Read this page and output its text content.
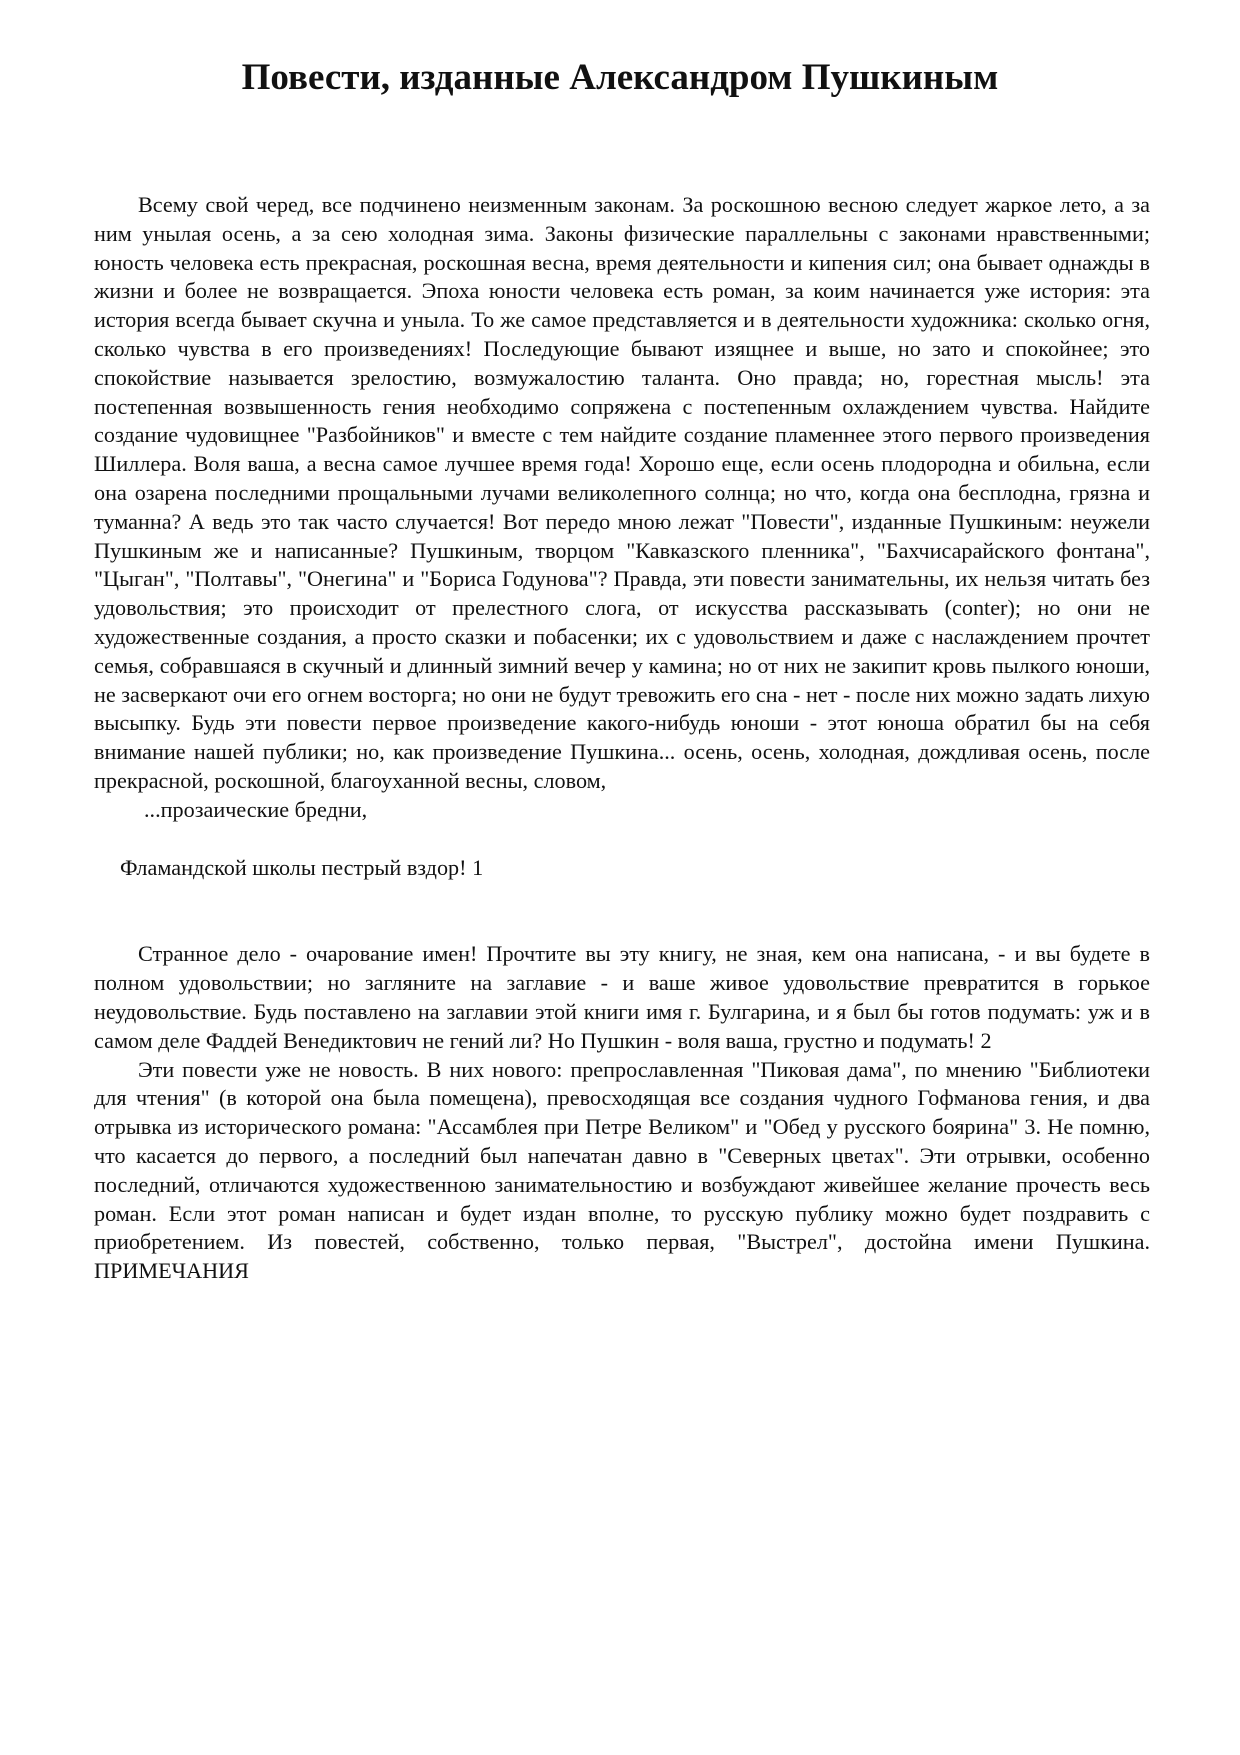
Повести, изданные Александром Пушкиным

Всему свой черед, все подчинено неизменным законам. За роскошною весною следует жаркое лето, а за ним унылая осень, а за сею холодная зима. Законы физические параллельны с законами нравственными; юность человека есть прекрасная, роскошная весна, время деятельности и кипения сил; она бывает однажды в жизни и более не возвращается. Эпоха юности человека есть роман, за коим начинается уже история: эта история всегда бывает скучна и уныла. То же самое представляется и в деятельности художника: сколько огня, сколько чувства в его произведениях! Последующие бывают изящнее и выше, но зато и спокойнее; это спокойствие называется зрелостию, возмужалостию таланта. Оно правда; но, горестная мысль! эта постепенная возвышенность гения необходимо сопряжена с постепенным охлаждением чувства. Найдите создание чудовищнее "Разбойников" и вместе с тем найдите создание пламеннее этого первого произведения Шиллера. Воля ваша, а весна самое лучшее время года! Хорошо еще, если осень плодородна и обильна, если она озарена последними прощальными лучами великолепного солнца; но что, когда она бесплодна, грязна и туманна? А ведь это так часто случается! Вот передо мною лежат "Повести", изданные Пушкиным: неужели Пушкиным же и написанные? Пушкиным, творцом "Кавказского пленника", "Бахчисарайского фонтана", "Цыган", "Полтавы", "Онегина" и "Бориса Годунова"? Правда, эти повести занимательны, их нельзя читать без удовольствия; это происходит от прелестного слога, от искусства рассказывать (conter); но они не художественные создания, а просто сказки и побасенки; их с удовольствием и даже с наслаждением прочтет семья, собравшаяся в скучный и длинный зимний вечер у камина; но от них не закипит кровь пылкого юноши, не засверкают очи его огнем восторга; но они не будут тревожить его сна - нет - после них можно задать лихую высыпку. Будь эти повести первое произведение какого-нибудь юноши - этот юноша обратил бы на себя внимание нашей публики; но, как произведение Пушкина... осень, осень, холодная, дождливая осень, после прекрасной, роскошной, благоуханной весны, словом,

...прозаические бредни,

Фламандской школы пестрый вздор! 1

Странное дело - очарование имен! Прочтите вы эту книгу, не зная, кем она написана, - и вы будете в полном удовольствии; но загляните на заглавие - и ваше живое удовольствие превратится в горькое неудовольствие. Будь поставлено на заглавии этой книги имя г. Булгарина, и я был бы готов подумать: уж и в самом деле Фаддей Венедиктович не гений ли? Но Пушкин - воля ваша, грустно и подумать! 2

Эти повести уже не новость. В них нового: препрославленная "Пиковая дама", по мнению "Библиотеки для чтения" (в которой она была помещена), превосходящая все создания чудного Гофманова гения, и два отрывка из исторического романа: "Ассамблея при Петре Великом" и "Обед у русского боярина" 3. Не помню, что касается до первого, а последний был напечатан давно в "Северных цветах". Эти отрывки, особенно последний, отличаются художественною занимательностию и возбуждают живейшее желание прочесть весь роман. Если этот роман написан и будет издан вполне, то русскую публику можно будет поздравить с приобретением. Из повестей, собственно, только первая, "Выстрел", достойна имени Пушкина. ПРИМЕЧАНИЯ
